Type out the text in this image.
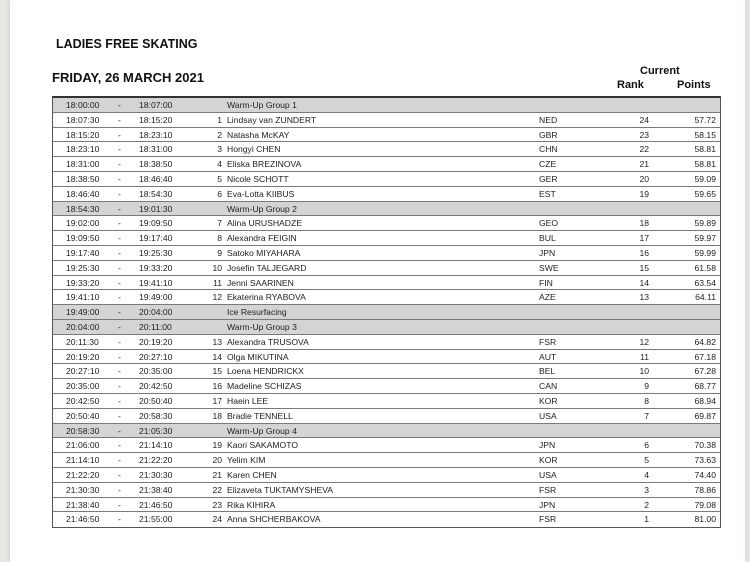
LADIES FREE SKATING
FRIDAY, 26 MARCH 2021	Current
Rank	Points
18:00:00 - 18:07:00	Warm-Up Group 1
18:07:30 - 18:15:20	1 Lindsay van ZUNDERT	NED	24	57.72
18:15:20 - 18:23:10	2 Natasha McKAY	GBR	23	58.15
18:23:10 - 18:31:00	3 Hongyi CHEN	CHN	22	58.81
18:31:00 - 18:38:50	4 Eliska BREZINOVA	CZE	21	58.81
18:38:50 - 18:46:40	5 Nicole SCHOTT	GER	20	59.09
18:46:40 - 18:54:30	6 Eva-Lotta KIIBUS	EST	19	59.65
18:54:30 - 19:01:30	Warm-Up Group 2
19:02:00 - 19:09:50	7 Alina URUSHADZE	GEO	18	59.89
19:09:50 - 19:17:40	8 Alexandra FEIGIN	BUL	17	59.97
19:17:40 - 19:25:30	9 Satoko MIYAHARA	JPN	16	59.99
19:25:30 - 19:33:20	10 Josefin TALJEGARD	SWE	15	61.58
19:33:20 - 19:41:10	11 Jenni SAARINEN	FIN	14	63.54
19:41:10 - 19:49:00	12 Ekaterina RYABOVA	AZE	13	64.11
19:49:00 - 20:04:00	Ice Resurfacing
20:04:00 - 20:11:00	Warm-Up Group 3
20:11:30 - 20:19:20	13 Alexandra TRUSOVA	FSR	12	64.82
20:19:20 - 20:27:10	14 Olga MIKUTINA	AUT	11	67.18
20:27:10 - 20:35:00	15 Loena HENDRICKX	BEL	10	67.28
20:35:00 - 20:42:50	16 Madeline SCHIZAS	CAN	9	68.77
20:42:50 - 20:50:40	17 Haein LEE	KOR	8	68.94
20:50:40 - 20:58:30	18 Bradie TENNELL	USA	7	69.87
20:58:30 - 21:05:30	Warm-Up Group 4
21:06:00 - 21:14:10	19 Kaori SAKAMOTO	JPN	6	70.38
21:14:10 - 21:22:20	20 Yelim KIM	KOR	5	73.63
21:22:20 - 21:30:30	21 Karen CHEN	USA	4	74.40
21:30:30 - 21:38:40	22 Elizaveta TUKTAMYSHEVA	FSR	3	78.86
21:38:40 - 21:46:50	23 Rika KIHIRA	JPN	2	79.08
21:46:50 - 21:55:00	24 Anna SHCHERBAKOVA	FSR	1	81.00
